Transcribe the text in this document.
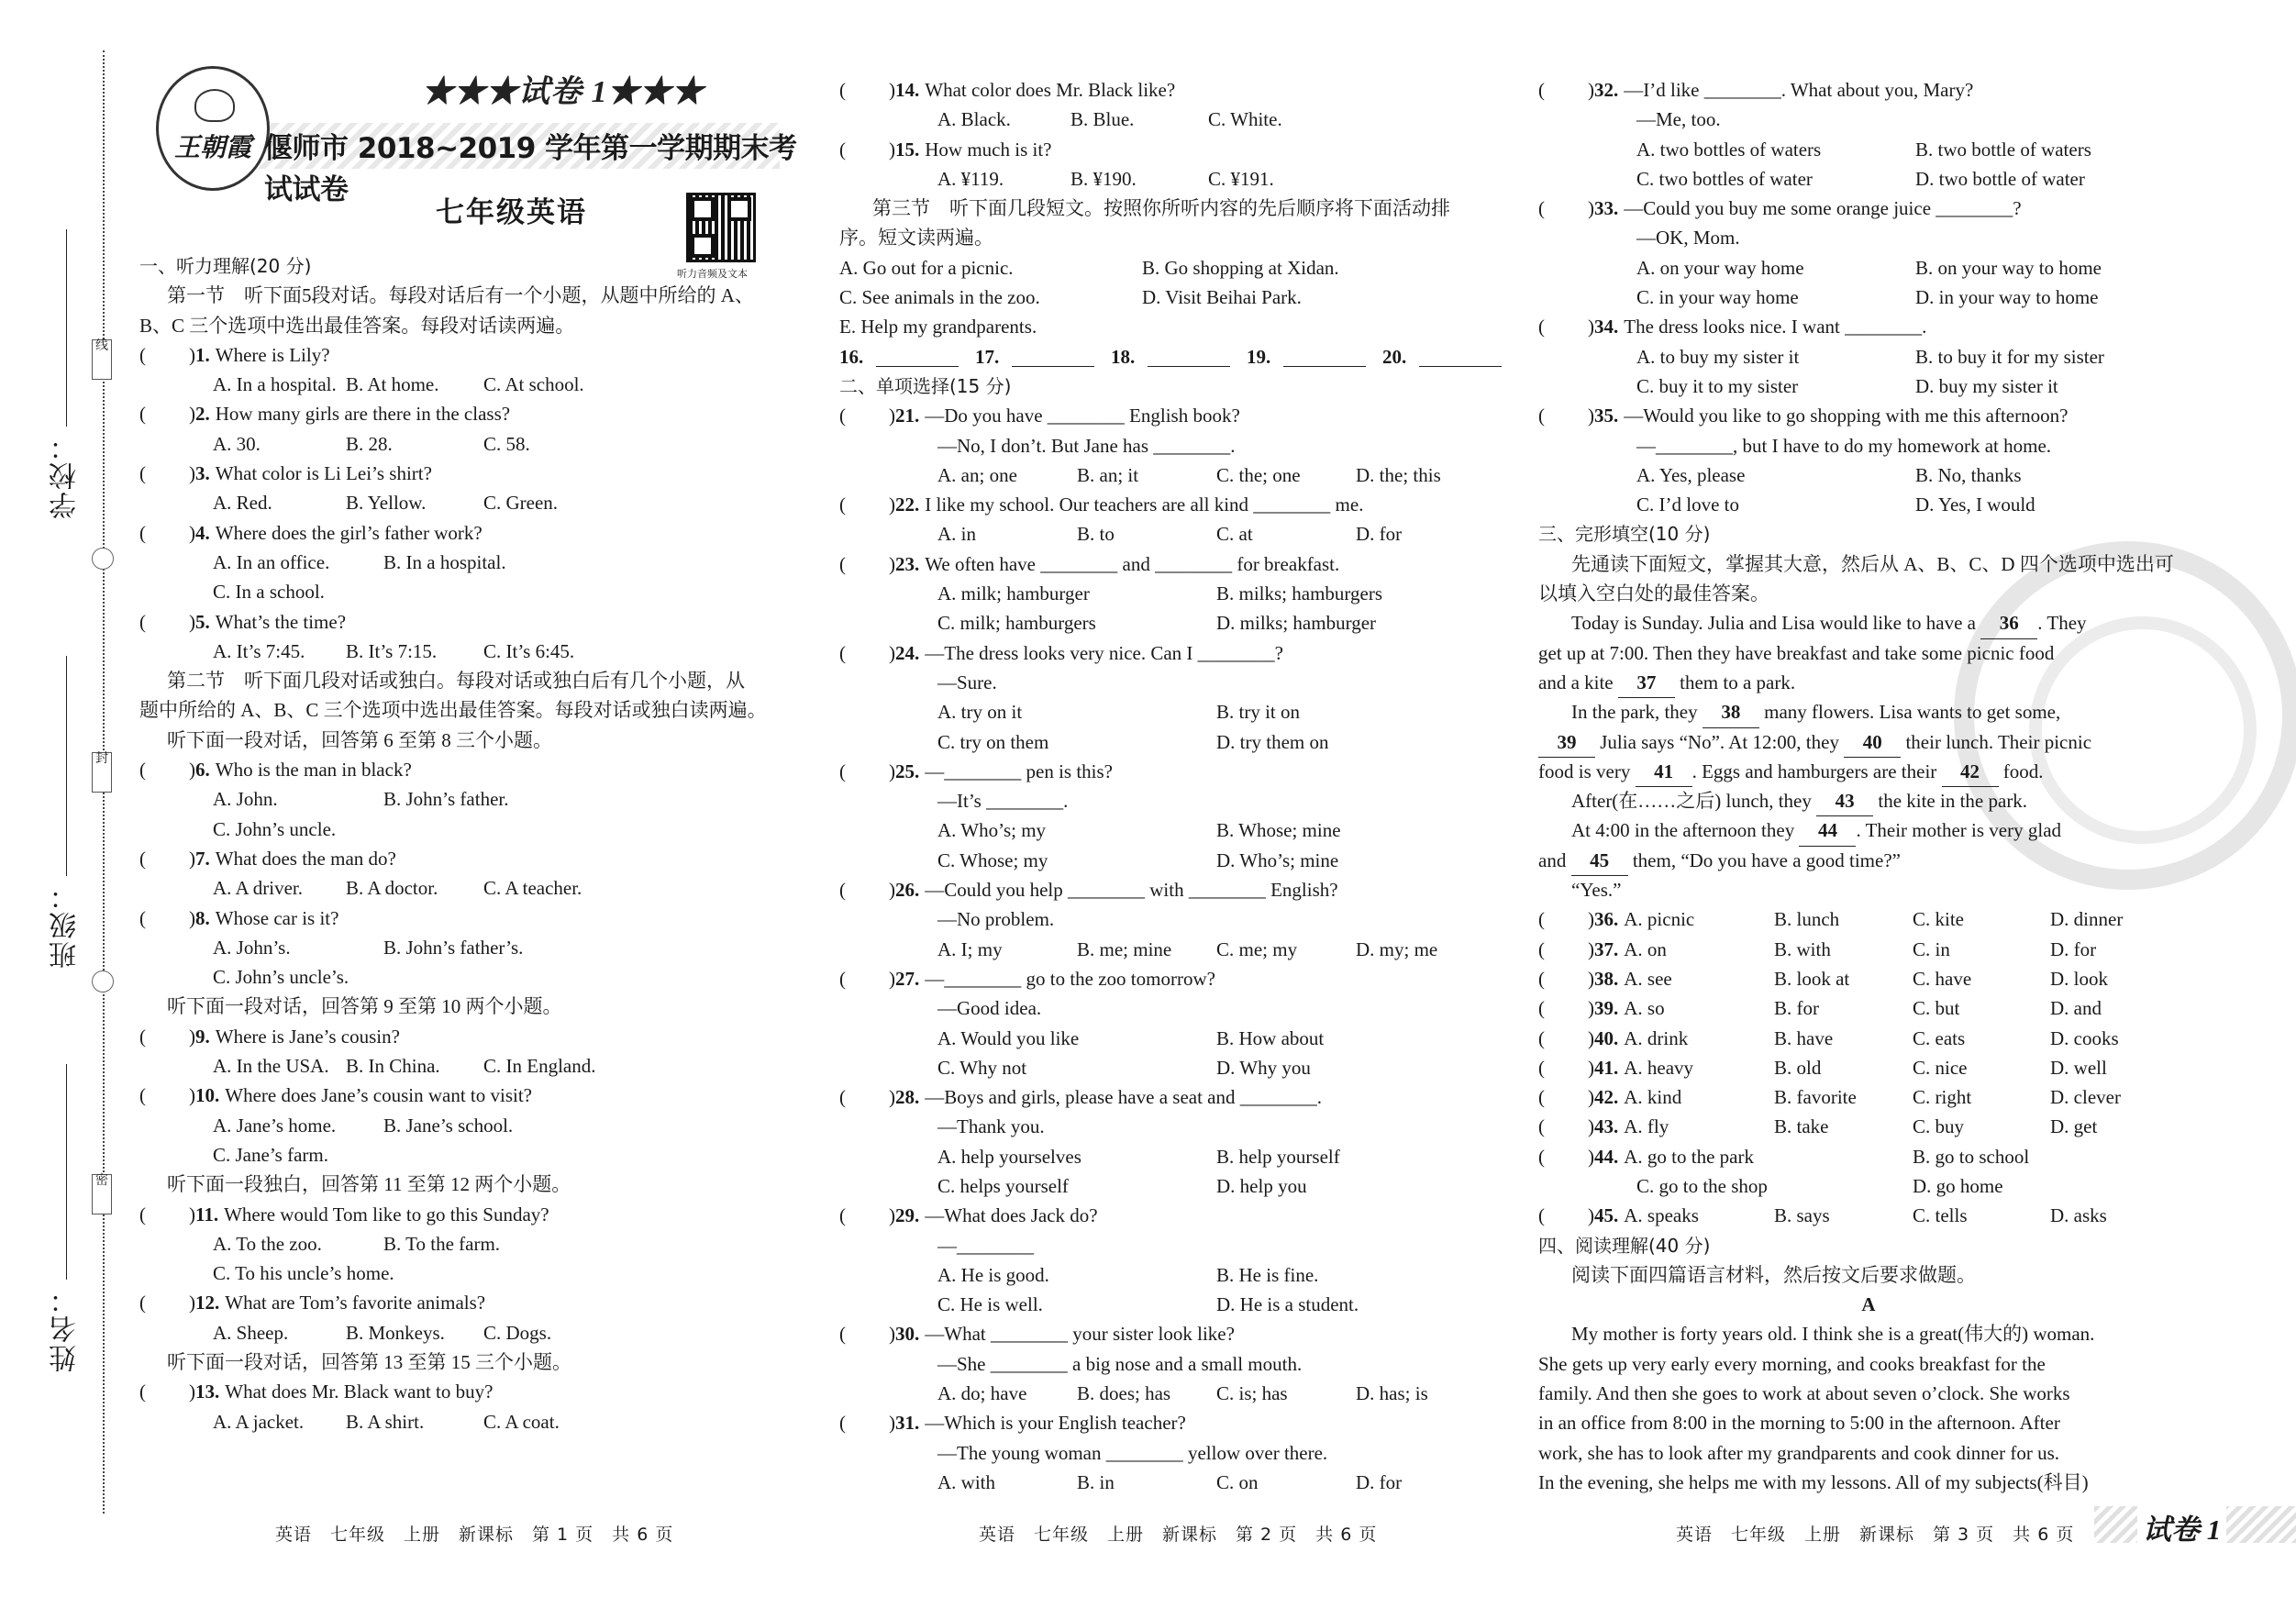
线
封
密
学校：
班级：
姓名：
王朝霞
★★★试卷 1★★★
偃师市 2018~2019 学年第一学期期末考试试卷
七年级英语
听力音频及文本
一、听力理解(20 分)
第一节　听下面5段对话。每段对话后有一个小题，从题中所给的 A、
B、C 三个选项中选出最佳答案。每段对话读两遍。
( )1. Where is Lily?
A. In a hospital. B. At home. C. At school.
( )2. How many girls are there in the class?
A. 30.	B. 28.	C. 58.
( )3. What color is Li Lei’s shirt?
A. Red.	B. Yellow.	C. Green.
( )4. Where does the girl’s father work?
A. In an office.	B. In a hospital.
C. In a school.
( )5. What’s the time?
A. It’s 7:45. B. It’s 7:15. C. It’s 6:45.
第二节　听下面几段对话或独白。每段对话或独白后有几个小题，从
题中所给的 A、B、C 三个选项中选出最佳答案。每段对话或独白读两遍。
听下面一段对话，回答第 6 至第 8 三个小题。
( )6. Who is the man in black?
A. John.	B. John’s father.
C. John’s uncle.
( )7. What does the man do?
A. A driver. B. A doctor. C. A teacher.
( )8. Whose car is it?
A. John’s.	B. John’s father’s.
C. John’s uncle’s.
听下面一段对话，回答第 9 至第 10 两个小题。
( )9. Where is Jane’s cousin?
A. In the USA. B. In China. C. In England.
( )10. Where does Jane’s cousin want to visit?
A. Jane’s home. B. Jane’s school.
C. Jane’s farm.
听下面一段独白，回答第 11 至第 12 两个小题。
( )11. Where would Tom like to go this Sunday?
A. To the zoo.	B. To the farm.
C. To his uncle’s home.
( )12. What are Tom’s favorite animals?
A. Sheep.	B. Monkeys. C. Dogs.
听下面一段对话，回答第 13 至第 15 三个小题。
( )13. What does Mr. Black want to buy?
A. A jacket. B. A shirt.	C. A coat.
( )14. What color does Mr. Black like?
A. Black.	B. Blue.	C. White.
( )15. How much is it?
A. ¥119.	B. ¥190.	C. ¥191.
第三节　听下面几段短文。按照你所听内容的先后顺序将下面活动排
序。短文读两遍。
A. Go out for a picnic.	B. Go shopping at Xidan.
C. See animals in the zoo.	D. Visit Beihai Park.
E. Help my grandparents.
16.	17.	18.	19.	20.
二、单项选择(15 分)
( )21. —Do you have ________ English book?
—No, I don’t. But Jane has ________.
A. an; one	B. an; it	C. the; one	D. the; this
( )22. I like my school. Our teachers are all kind ________ me.
A. in	B. to	C. at	D. for
( )23. We often have ________ and ________ for breakfast.
A. milk; hamburger	B. milks; hamburgers
C. milk; hamburgers	D. milks; hamburger
( )24. —The dress looks very nice. Can I ________?
—Sure.
A. try on it	B. try it on
C. try on them	D. try them on
( )25. —________ pen is this?
—It’s ________.
A. Who’s; my	B. Whose; mine
C. Whose; my	D. Who’s; mine
( )26. —Could you help ________ with ________ English?
—No problem.
A. I; my	B. me; mine C. me; my	D. my; me
( )27. —________ go to the zoo tomorrow?
—Good idea.
A. Would you like	B. How about
C. Why not	D. Why you
( )28. —Boys and girls, please have a seat and ________.
—Thank you.
A. help yourselves	B. help yourself
C. helps yourself	D. help you
( )29. —What does Jack do?
—________
A. He is good.	B. He is fine.
C. He is well.	D. He is a student.
( )30. —What ________ your sister look like?
—She ________ a big nose and a small mouth.
A. do; have	B. does; has C. is; has	D. has; is
( )31. —Which is your English teacher?
—The young woman ________ yellow over there.
A. with	B. in	C. on	D. for
( )32. —I’d like ________. What about you, Mary?
—Me, too.
A. two bottles of waters	B. two bottle of waters
C. two bottles of water	D. two bottle of water
( )33. —Could you buy me some orange juice ________?
—OK, Mom.
A. on your way home	B. on your way to home
C. in your way home	D. in your way to home
( )34. The dress looks nice. I want ________.
A. to buy my sister it	B. to buy it for my sister
C. buy it to my sister	D. buy my sister it
( )35. —Would you like to go shopping with me this afternoon?
—________, but I have to do my homework at home.
A. Yes, please	B. No, thanks
C. I’d love to	D. Yes, I would
三、完形填空(10 分)
先通读下面短文，掌握其大意，然后从 A、B、C、D 四个选项中选出可
以填入空白处的最佳答案。
Today is Sunday. Julia and Lisa would like to have a 36 . They
get up at 7:00. Then they have breakfast and take some picnic food
and a kite 37 them to a park.
In the park, they 38 many flowers. Lisa wants to get some,
39 Julia says “No”. At 12:00, they 40 their lunch. Their picnic
food is very 41 . Eggs and hamburgers are their 42 food.
After(在……之后) lunch, they 43 the kite in the park.
At 4:00 in the afternoon they 44 . Their mother is very glad
and 45 them, “Do you have a good time?”
“Yes.”
( )36. A. picnic	B. lunch	C. kite	D. dinner
( )37. A. on	B. with	C. in	D. for
( )38. A. see	B. look at	C. have	D. look
( )39. A. so	B. for	C. but	D. and
( )40. A. drink	B. have	C. eats	D. cooks
( )41. A. heavy	B. old	C. nice	D. well
( )42. A. kind	B. favorite	C. right	D. clever
( )43. A. fly	B. take	C. buy	D. get
( )44. A. go to the park	B. go to school
C. go to the shop	D. go home
( )45. A. speaks	B. says	C. tells	D. asks
四、阅读理解(40 分)
阅读下面四篇语言材料，然后按文后要求做题。
A
My mother is forty years old. I think she is a great(伟大的) woman.
She gets up very early every morning, and cooks breakfast for the
family. And then she goes to work at about seven o’clock. She works
in an office from 8:00 in the morning to 5:00 in the afternoon. After
work, she has to look after my grandparents and cook dinner for us.
In the evening, she helps me with my lessons. All of my subjects(科目)
英语　七年级　上册　新课标　第 1 页　共 6 页	英语　七年级　上册　新课标　第 2 页　共 6 页	英语　七年级　上册　新课标　第 3 页　共 6 页 试卷 1
